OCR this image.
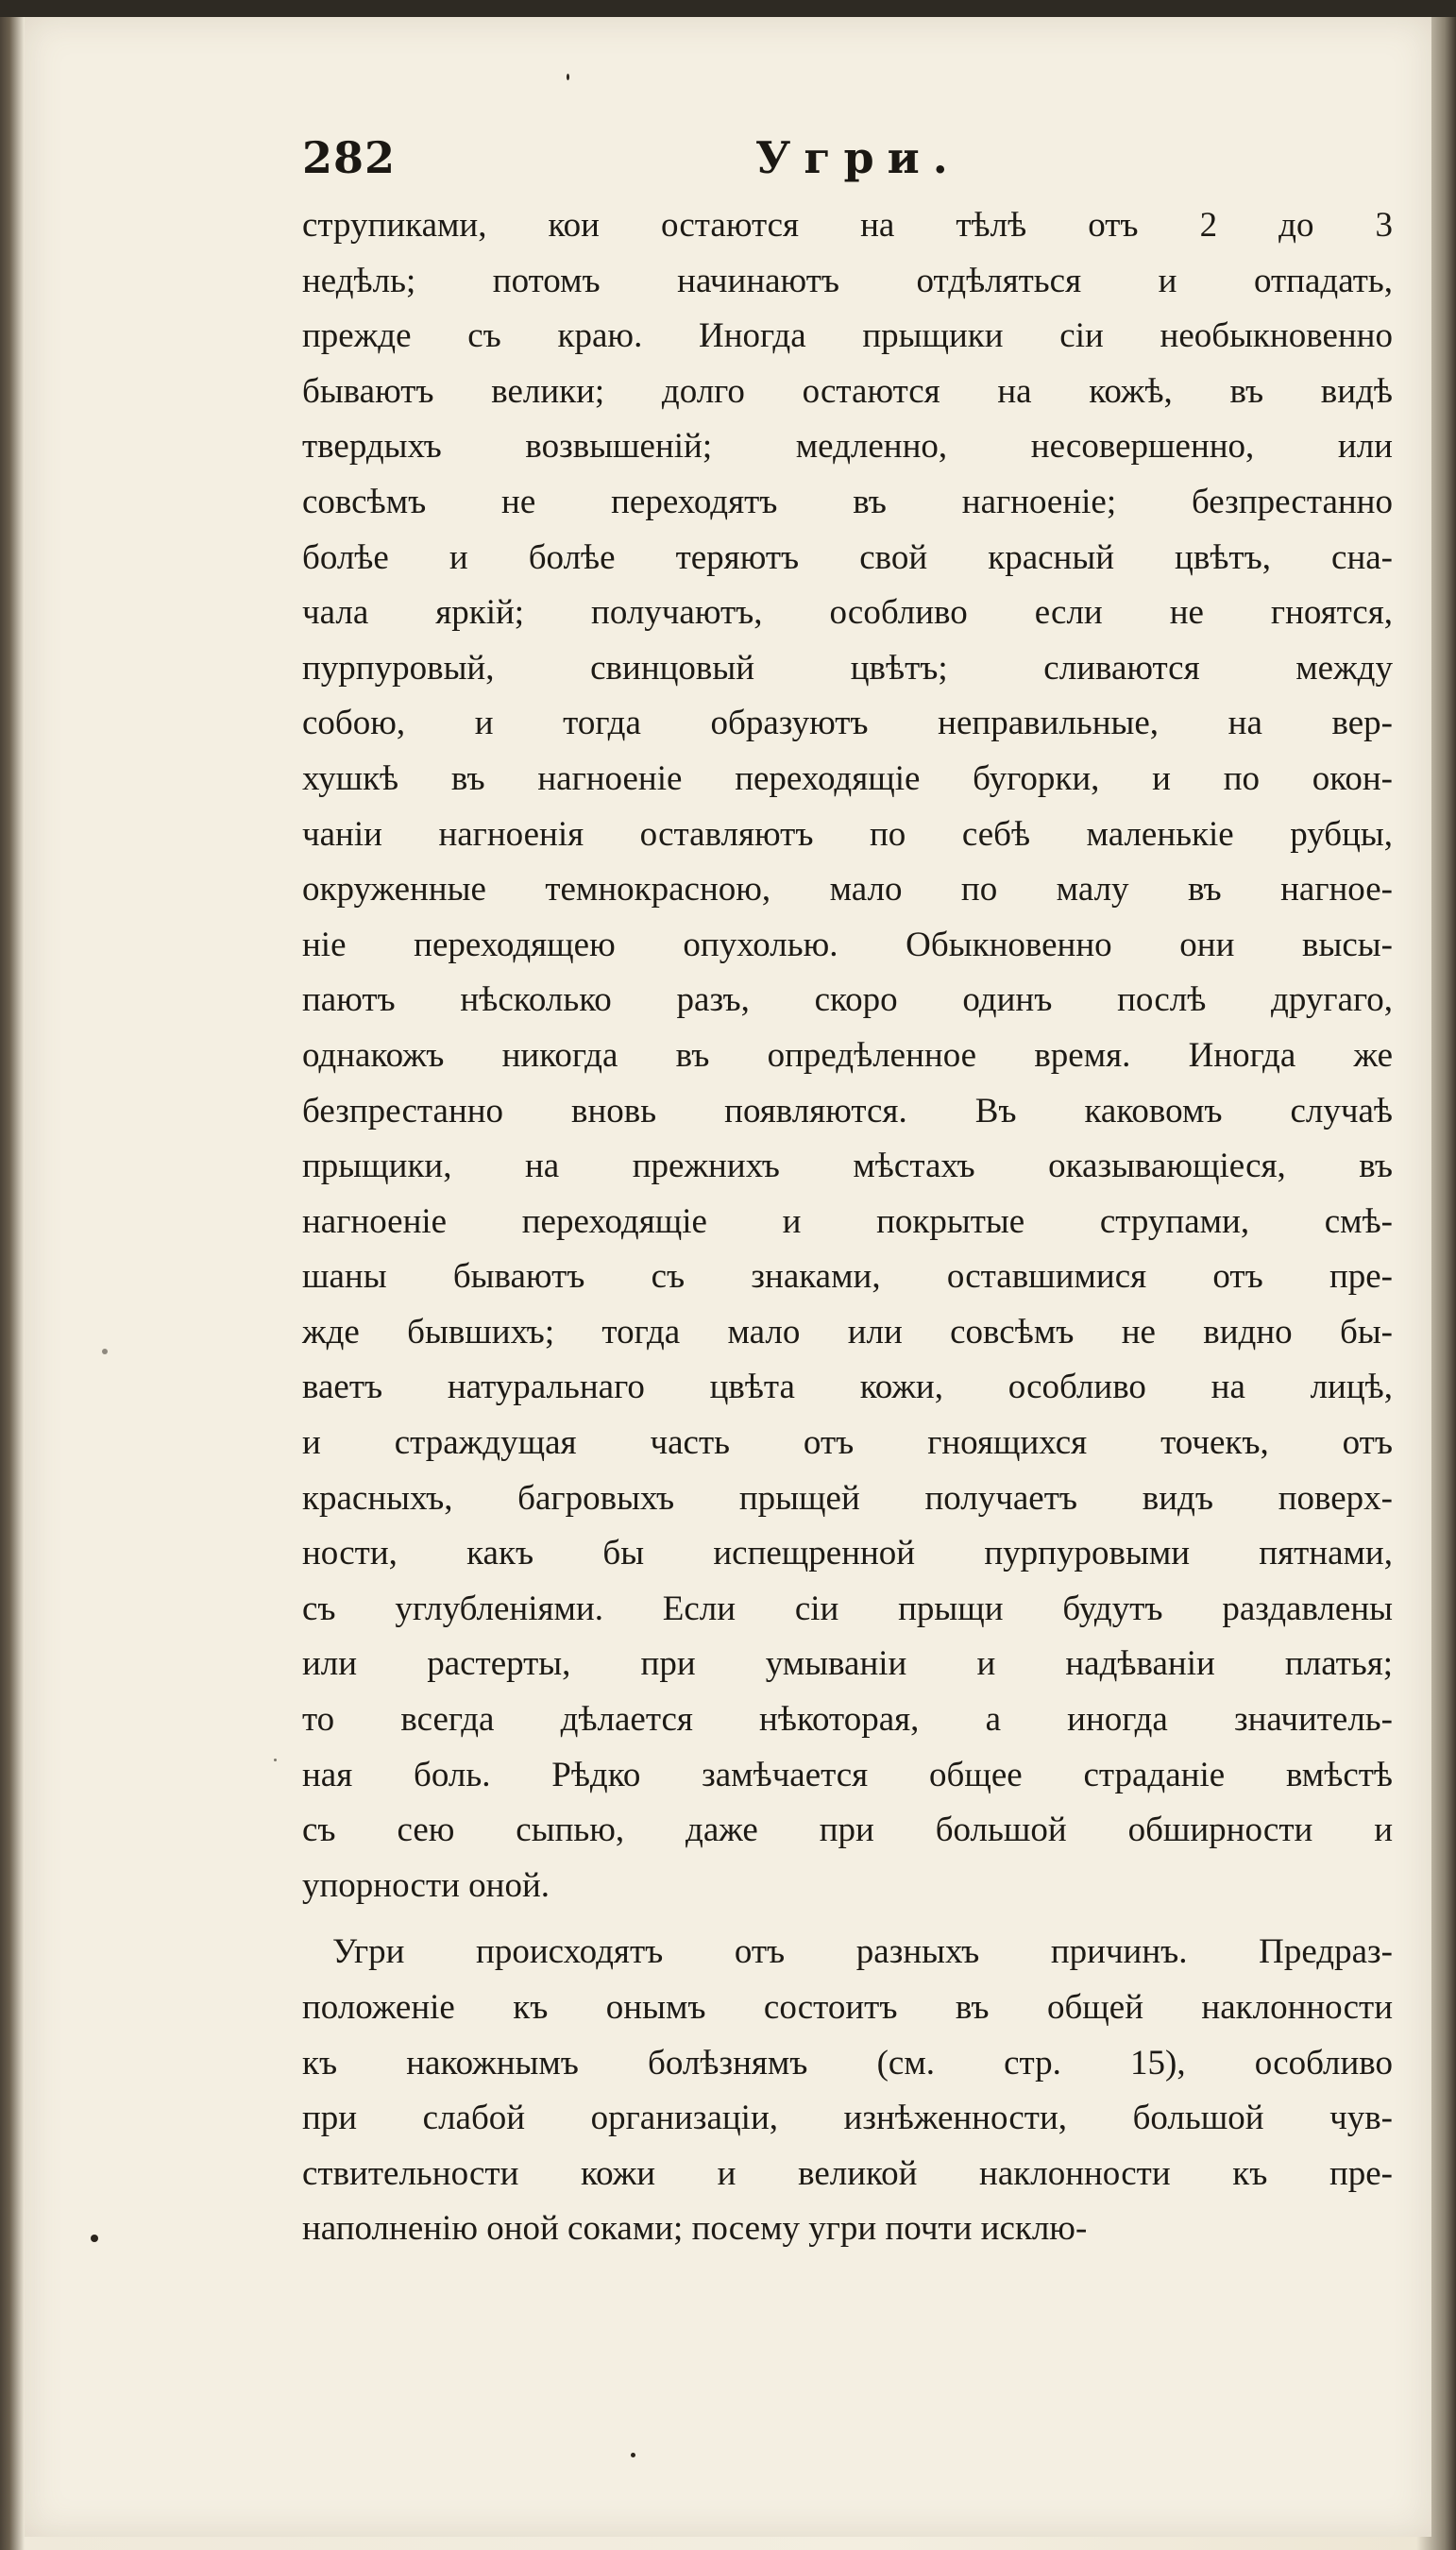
282	Угри.
струпиками, кои остаются на тѣлѣ отъ 2 до 3
недѣль; потомъ начинаютъ отдѣляться и отпадать,
прежде съ краю. Иногда прыщики сіи необыкновенно
бываютъ велики; долго остаются на кожѣ, въ видѣ
твердыхъ возвышеній; медленно, несовершенно, или
совсѣмъ не переходятъ въ нагноеніе; безпрестанно
болѣе и болѣе теряютъ свой красный цвѣтъ, сна-
чала яркій; получаютъ, особливо если не гноятся,
пурпуровый, свинцовый цвѣтъ; сливаются между
собою, и тогда образуютъ неправильные, на вер-
хушкѣ въ нагноеніе переходящіе бугорки, и по окон-
чаніи нагноенія оставляютъ по себѣ маленькіе рубцы,
окруженные темнокрасною, мало по малу въ нагное-
ніе переходящею опухолью. Обыкновенно они высы-
паютъ нѣсколько разъ, скоро одинъ послѣ другаго,
однакожъ никогда въ опредѣленное время. Иногда же
безпрестанно вновь появляются. Въ каковомъ случаѣ
прыщики, на прежнихъ мѣстахъ оказывающіеся, въ
нагноеніе переходящіе и покрытые струпами, смѣ-
шаны бываютъ съ знаками, оставшимися отъ пре-
жде бывшихъ; тогда мало или совсѣмъ не видно бы-
ваетъ натуральнаго цвѣта кожи, особливо на лицѣ,
и страждущая часть отъ гноящихся точекъ, отъ
красныхъ, багровыхъ прыщей получаетъ видъ поверх-
ности, какъ бы испещренной пурпуровыми пятнами,
съ углубленіями. Если сіи прыщи будутъ раздавлены
или растерты, при умываніи и надѣваніи платья;
то всегда дѣлается нѣкоторая, а иногда значитель-
ная боль. Рѣдко замѣчается общее страданіе вмѣстѣ
съ сею сыпью, даже при большой обширности и
упорности оной.
Угри происходятъ отъ разныхъ причинъ. Предраз-
положеніе къ онымъ состоитъ въ общей наклонности
къ накожнымъ болѣзнямъ (см. стр. 15), особливо
при слабой организаціи, изнѣженности, большой чув-
ствительности кожи и великой наклонности къ пре-
наполненію оной соками; посему угри почти исклю-
